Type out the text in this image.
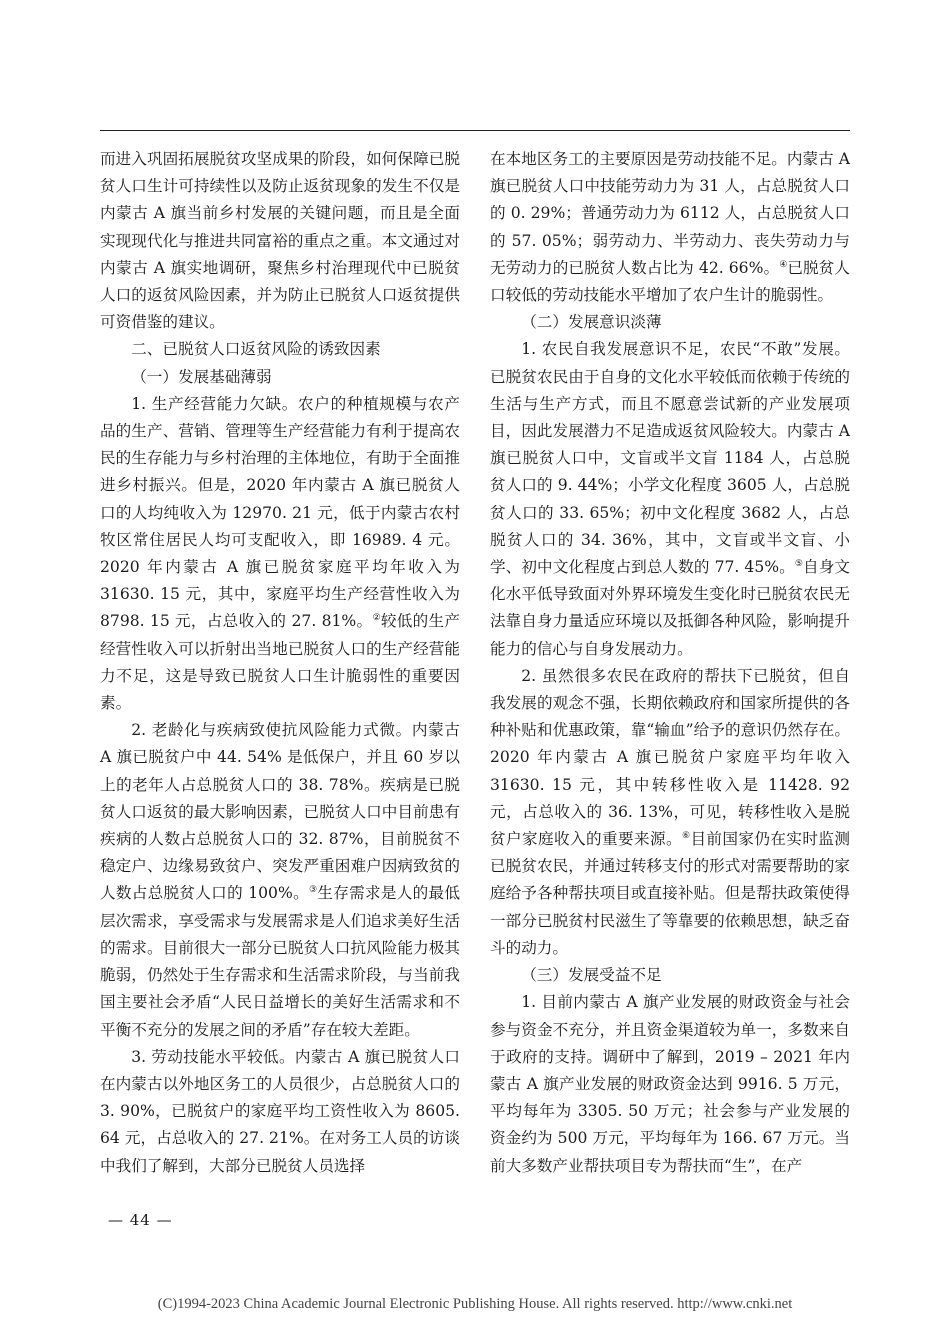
而进入巩固拓展脱贫攻坚成果的阶段，如何保障已脱贫人口生计可持续性以及防止返贫现象的发生不仅是内蒙古 A 旗当前乡村发展的关键问题，而且是全面实现现代化与推进共同富裕的重点之重。本文通过对内蒙古 A 旗实地调研，聚焦乡村治理现代中已脱贫人口的返贫风险因素，并为防止已脱贫人口返贫提供可资借鉴的建议。

二、已脱贫人口返贫风险的诱致因素

（一）发展基础薄弱

1. 生产经营能力欠缺。农户的种植规模与农产品的生产、营销、管理等生产经营能力有利于提高农民的生存能力与乡村治理的主体地位，有助于全面推进乡村振兴。但是，2020 年内蒙古 A 旗已脱贫人口的人均纯收入为 12970. 21 元，低于内蒙古农村牧区常住居民人均可支配收入，即 16989. 4 元。2020 年内蒙古 A 旗已脱贫家庭平均年收入为 31630. 15 元，其中，家庭平均生产经营性收入为 8798. 15 元，占总收入的 27. 81%。②较低的生产经营性收入可以折射出当地已脱贫人口的生产经营能力不足，这是导致已脱贫人口生计脆弱性的重要因素。

2. 老龄化与疾病致使抗风险能力式微。内蒙古 A 旗已脱贫户中 44. 54% 是低保户，并且 60 岁以上的老年人占总脱贫人口的 38. 78%。疾病是已脱贫人口返贫的最大影响因素，已脱贫人口中目前患有疾病的人数占总脱贫人口的 32. 87%，目前脱贫不稳定户、边缘易致贫户、突发严重困难户因病致贫的人数占总脱贫人口的 100%。③生存需求是人的最低层次需求，享受需求与发展需求是人们追求美好生活的需求。目前很大一部分已脱贫人口抗风险能力极其脆弱，仍然处于生存需求和生活需求阶段，与当前我国主要社会矛盾“人民日益增长的美好生活需求和不平衡不充分的发展之间的矛盾”存在较大差距。

3. 劳动技能水平较低。内蒙古 A 旗已脱贫人口在内蒙古以外地区务工的人员很少，占总脱贫人口的 3. 90%，已脱贫户的家庭平均工资性收入为 8605. 64 元，占总收入的 27. 21%。在对务工人员的访谈中我们了解到，大部分已脱贫人员选择

在本地区务工的主要原因是劳动技能不足。内蒙古 A 旗已脱贫人口中技能劳动力为 31 人，占总脱贫人口的 0. 29%；普通劳动力为 6112 人，占总脱贫人口的 57. 05%；弱劳动力、半劳动力、丧失劳动力与无劳动力的已脱贫人数占比为 42. 66%。④已脱贫人口较低的劳动技能水平增加了农户生计的脆弱性。

（二）发展意识淡薄

1. 农民自我发展意识不足，农民“不敢”发展。已脱贫农民由于自身的文化水平较低而依赖于传统的生活与生产方式，而且不愿意尝试新的产业发展项目，因此发展潜力不足造成返贫风险较大。内蒙古 A 旗已脱贫人口中，文盲或半文盲 1184 人，占总脱贫人口的 9. 44%；小学文化程度 3605 人，占总脱贫人口的 33. 65%；初中文化程度 3682 人，占总脱贫人口的 34. 36%，其中，文盲或半文盲、小学、初中文化程度占到总人数的 77. 45%。⑤自身文化水平低导致面对外界环境发生变化时已脱贫农民无法靠自身力量适应环境以及抵御各种风险，影响提升能力的信心与自身发展动力。

2. 虽然很多农民在政府的帮扶下已脱贫，但自我发展的观念不强，长期依赖政府和国家所提供的各种补贴和优惠政策，靠“输血”给予的意识仍然存在。2020 年内蒙古 A 旗已脱贫户家庭平均年收入 31630. 15 元，其中转移性收入是 11428. 92 元，占总收入的 36. 13%，可见，转移性收入是脱贫户家庭收入的重要来源。⑥目前国家仍在实时监测已脱贫农民，并通过转移支付的形式对需要帮助的家庭给予各种帮扶项目或直接补贴。但是帮扶政策使得一部分已脱贫村民滋生了等靠要的依赖思想，缺乏奋斗的动力。

（三）发展受益不足

1. 目前内蒙古 A 旗产业发展的财政资金与社会参与资金不充分，并且资金渠道较为单一，多数来自于政府的支持。调研中了解到，2019 – 2021 年内蒙古 A 旗产业发展的财政资金达到 9916. 5 万元，平均每年为 3305. 50 万元；社会参与产业发展的资金约为 500 万元，平均每年为 166. 67 万元。当前大多数产业帮扶项目专为帮扶而“生”，在产

— 44 —
(C)1994-2023 China Academic Journal Electronic Publishing House. All rights reserved. http://www.cnki.net
